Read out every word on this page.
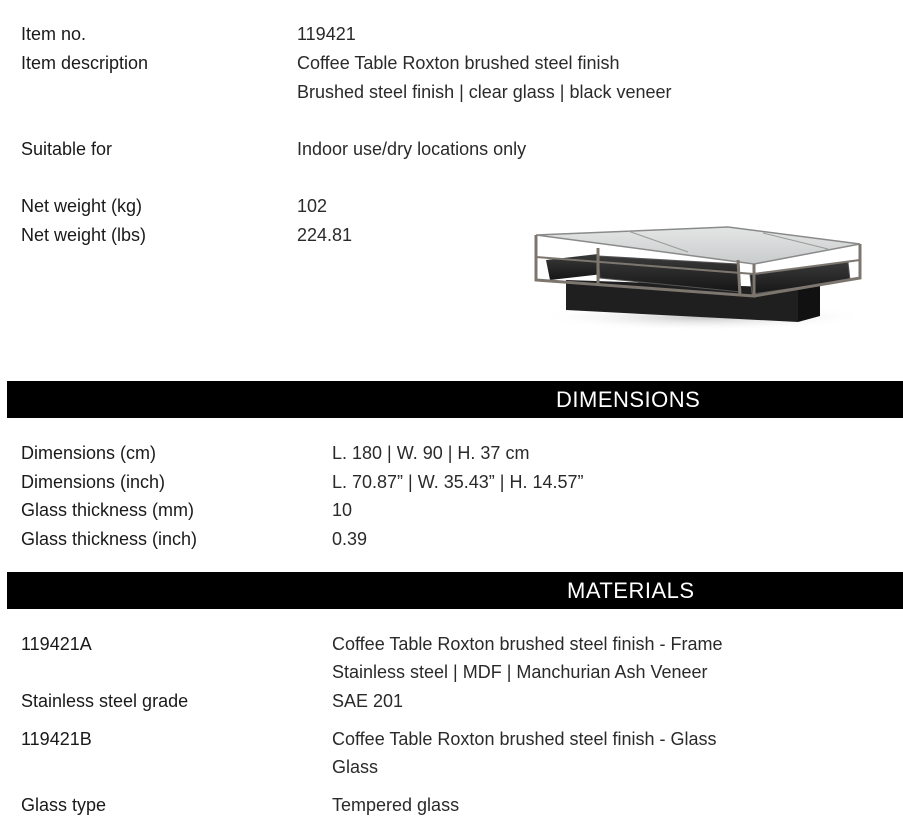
Item no.	119421
Item description	Coffee Table Roxton brushed steel finish
Brushed steel finish | clear glass | black veneer
Suitable for	Indoor use/dry locations only
Net weight (kg)	102
Net weight (lbs)	224.81
DIMENSIONS
Dimensions (cm)	L. 180 | W. 90 | H. 37 cm
Dimensions (inch)	L. 70.87” | W. 35.43” | H. 14.57”
Glass thickness (mm)	10
Glass thickness (inch)	0.39
MATERIALS
119421A	Coffee Table Roxton brushed steel finish - Frame
Stainless steel | MDF | Manchurian Ash Veneer
Stainless steel grade	SAE 201
119421B	Coffee Table Roxton brushed steel finish - Glass
Glass
Glass type	Tempered glass
